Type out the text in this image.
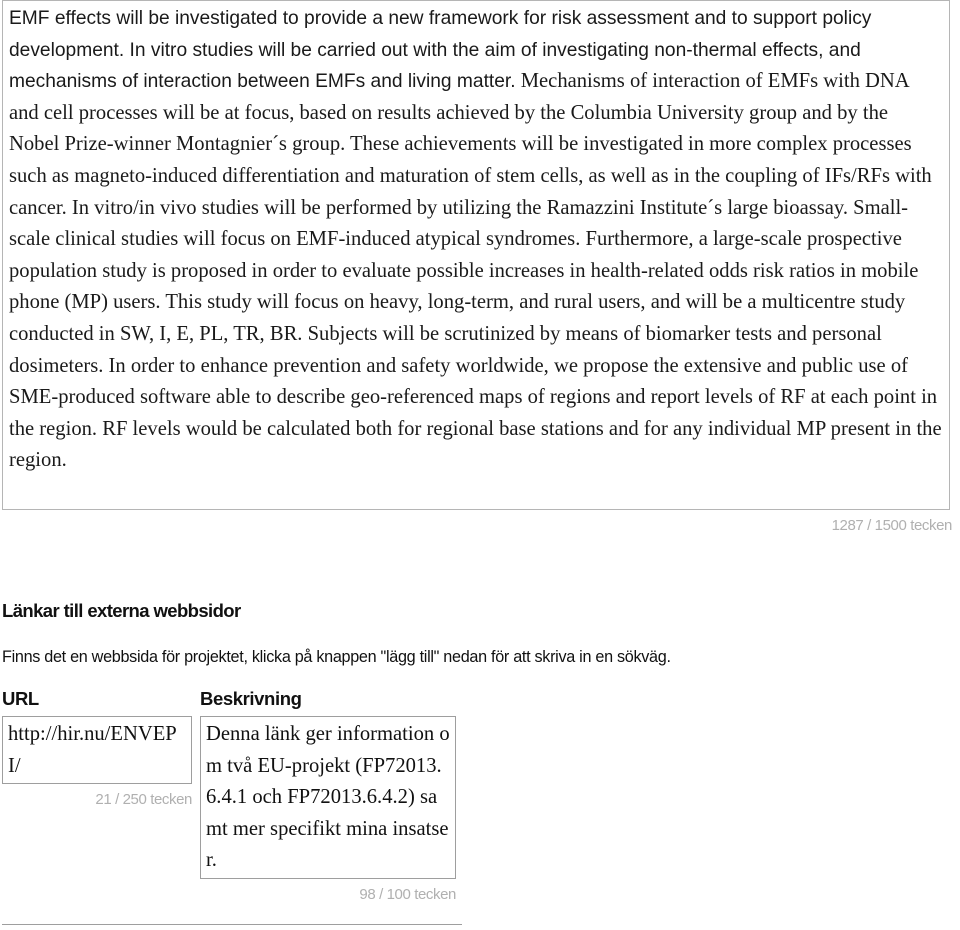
EMF effects will be investigated to provide a new framework for risk assessment and to support policy development. In vitro studies will be carried out with the aim of investigating non-thermal effects, and mechanisms of interaction between EMFs and living matter. Mechanisms of interaction of EMFs with DNA and cell processes will be at focus, based on results achieved by the Columbia University group and by the Nobel Prize-winner Montagnier´s group. These achievements will be investigated in more complex processes such as magneto-induced differentiation and maturation of stem cells, as well as in the coupling of IFs/RFs with cancer. In vitro/in vivo studies will be performed by utilizing the Ramazzini Institute´s large bioassay. Small-scale clinical studies will focus on EMF-induced atypical syndromes. Furthermore, a large-scale prospective population study is proposed in order to evaluate possible increases in health-related odds risk ratios in mobile phone (MP) users. This study will focus on heavy, long-term, and rural users, and will be a multicentre study conducted in SW, I, E, PL, TR, BR. Subjects will be scrutinized by means of biomarker tests and personal dosimeters. In order to enhance prevention and safety worldwide, we propose the extensive and public use of SME-produced software able to describe geo-referenced maps of regions and report levels of RF at each point in the region. RF levels would be calculated both for regional base stations and for any individual MP present in the region.
1287 / 1500 tecken
Länkar till externa webbsidor
Finns det en webbsida för projektet, klicka på knappen "lägg till" nedan för att skriva in en sökväg.
URL	Beskrivning
http://hir.nu/ENVEPI/
21 / 250 tecken
Denna länk ger information om två EU-projekt (FP72013.6.4.1 och FP72013.6.4.2) samt mer specifikt mina insatser.
98 / 100 tecken
